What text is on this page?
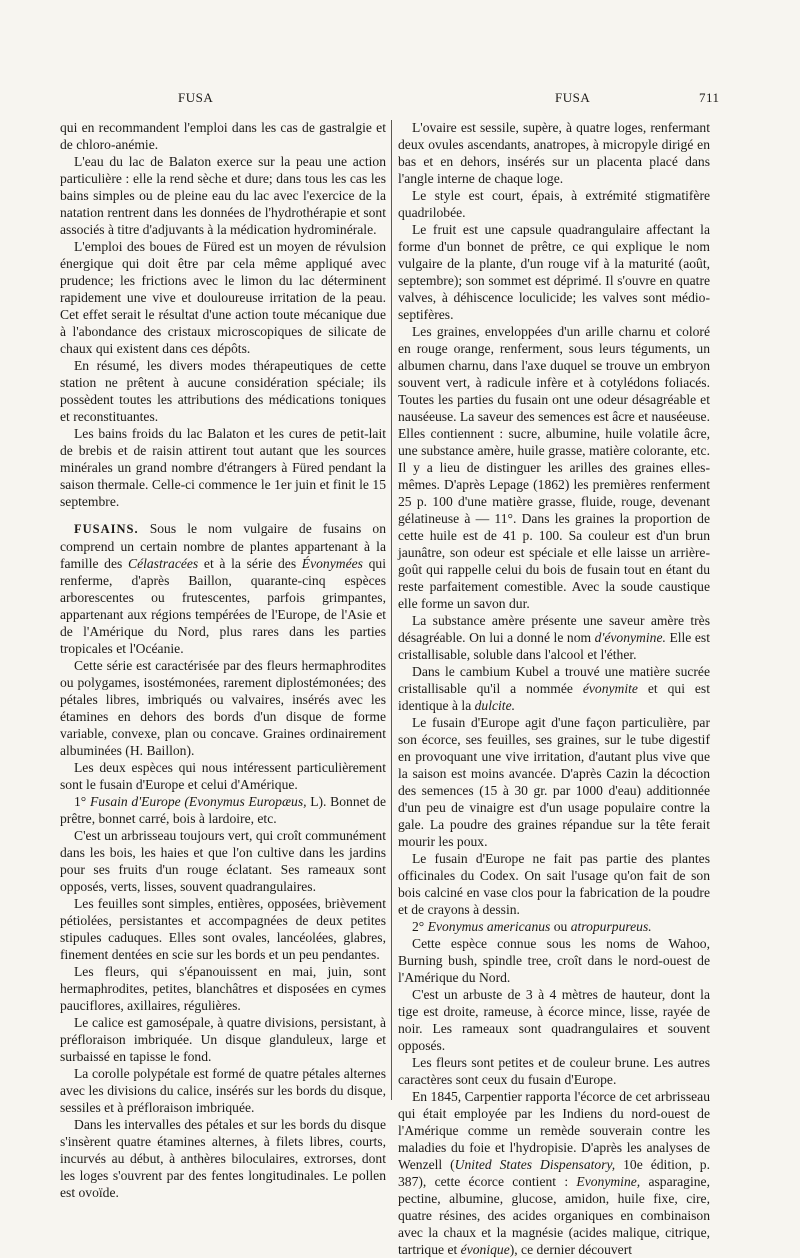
FUSA	FUSA	711

qui en recommandent l'emploi dans les cas de gastralgie et de chloro-anémie.

L'eau du lac de Balaton exerce sur la peau une action particulière : elle la rend sèche et dure; dans tous les cas les bains simples ou de pleine eau du lac avec l'exercice de la natation rentrent dans les données de l'hydrothérapie et sont associés à titre d'adjuvants à la médication hydrominérale.

L'emploi des boues de Füred est un moyen de révulsion énergique qui doit être par cela même appliqué avec prudence; les frictions avec le limon du lac déterminent rapidement une vive et douloureuse irritation de la peau. Cet effet serait le résultat d'une action toute mécanique due à l'abondance des cristaux microscopiques de silicate de chaux qui existent dans ces dépôts.

En résumé, les divers modes thérapeutiques de cette station ne prêtent à aucune considération spéciale; ils possèdent toutes les attributions des médications toniques et reconstituantes.

Les bains froids du lac Balaton et les cures de petit-lait de brebis et de raisin attirent tout autant que les sources minérales un grand nombre d'étrangers à Füred pendant la saison thermale. Celle-ci commence le 1er juin et finit le 15 septembre.

FUSAINS. Sous le nom vulgaire de fusains on comprend un certain nombre de plantes appartenant à la famille des Célastracées et à la série des Évonymées qui renferme, d'après Baillon, quarante-cinq espèces arborescentes ou frutescentes, parfois grimpantes, appartenant aux régions tempérées de l'Europe, de l'Asie et de l'Amérique du Nord, plus rares dans les parties tropicales et l'Océanie.

Cette série est caractérisée par des fleurs hermaphrodites ou polygames, isostémonées, rarement diplostémonées; des pétales libres, imbriqués ou valvaires, insérés avec les étamines en dehors des bords d'un disque de forme variable, convexe, plan ou concave. Graines ordinairement albuminées (H. Baillon).

Les deux espèces qui nous intéressent particulièrement sont le fusain d'Europe et celui d'Amérique.

1° Fusain d'Europe (Evonymus Europæus, L). Bonnet de prêtre, bonnet carré, bois à lardoire, etc.

C'est un arbrisseau toujours vert, qui croît communément dans les bois, les haies et que l'on cultive dans les jardins pour ses fruits d'un rouge éclatant. Ses rameaux sont opposés, verts, lisses, souvent quadrangulaires.

Les feuilles sont simples, entières, opposées, brièvement pétiolées, persistantes et accompagnées de deux petites stipules caduques. Elles sont ovales, lancéolées, glabres, finement dentées en scie sur les bords et un peu pendantes.

Les fleurs, qui s'épanouissent en mai, juin, sont hermaphrodites, petites, blanchâtres et disposées en cymes pauciflores, axillaires, régulières.

Le calice est gamosépale, à quatre divisions, persistant, à préfloraison imbriquée. Un disque glanduleux, large et surbaissé en tapisse le fond.

La corolle polypétale est formé de quatre pétales alternes avec les divisions du calice, insérés sur les bords du disque, sessiles et à préfloraison imbriquée.

Dans les intervalles des pétales et sur les bords du disque s'insèrent quatre étamines alternes, à filets libres, courts, incurvés au début, à anthères biloculaires, extrorses, dont les loges s'ouvrent par des fentes longitudinales. Le pollen est ovoïde.

L'ovaire est sessile, supère, à quatre loges, renfermant deux ovules ascendants, anatropes, à micropyle dirigé en bas et en dehors, insérés sur un placenta placé dans l'angle interne de chaque loge.

Le style est court, épais, à extrémité stigmatifère quadrilobée.

Le fruit est une capsule quadrangulaire affectant la forme d'un bonnet de prêtre, ce qui explique le nom vulgaire de la plante, d'un rouge vif à la maturité (août, septembre); son sommet est déprimé. Il s'ouvre en quatre valves, à déhiscence loculicide; les valves sont médio-septifères.

Les graines, enveloppées d'un arille charnu et coloré en rouge orange, renferment, sous leurs téguments, un albumen charnu, dans l'axe duquel se trouve un embryon souvent vert, à radicule infère et à cotylédons foliacés. Toutes les parties du fusain ont une odeur désagréable et nauséeuse. La saveur des semences est âcre et nauséeuse. Elles contiennent : sucre, albumine, huile volatile âcre, une substance amère, huile grasse, matière colorante, etc. Il y a lieu de distinguer les arilles des graines elles-mêmes. D'après Lepage (1862) les premières renferment 25 p. 100 d'une matière grasse, fluide, rouge, devenant gélatineuse à — 11°. Dans les graines la proportion de cette huile est de 41 p. 100. Sa couleur est d'un brun jaunâtre, son odeur est spéciale et elle laisse un arrière-goût qui rappelle celui du bois de fusain tout en étant du reste parfaitement comestible. Avec la soude caustique elle forme un savon dur.

La substance amère présente une saveur amère très désagréable. On lui a donné le nom d'évonymine. Elle est cristallisable, soluble dans l'alcool et l'éther.

Dans le cambium Kubel a trouvé une matière sucrée cristallisable qu'il a nommée évonymite et qui est identique à la dulcite.

Le fusain d'Europe agit d'une façon particulière, par son écorce, ses feuilles, ses graines, sur le tube digestif en provoquant une vive irritation, d'autant plus vive que la saison est moins avancée. D'après Cazin la décoction des semences (15 à 30 gr. par 1000 d'eau) additionnée d'un peu de vinaigre est d'un usage populaire contre la gale. La poudre des graines répandue sur la tête ferait mourir les poux.

Le fusain d'Europe ne fait pas partie des plantes officinales du Codex. On sait l'usage qu'on fait de son bois calciné en vase clos pour la fabrication de la poudre et de crayons à dessin.

2° Evonymus americanus ou atropurpureus.

Cette espèce connue sous les noms de Wahoo, Burning bush, spindle tree, croît dans le nord-ouest de l'Amérique du Nord.

C'est un arbuste de 3 à 4 mètres de hauteur, dont la tige est droite, rameuse, à écorce mince, lisse, rayée de noir. Les rameaux sont quadrangulaires et souvent opposés.

Les fleurs sont petites et de couleur brune. Les autres caractères sont ceux du fusain d'Europe.

En 1845, Carpentier rapporta l'écorce de cet arbrisseau qui était employée par les Indiens du nord-ouest de l'Amérique comme un remède souverain contre les maladies du foie et l'hydropisie. D'après les analyses de Wenzell (United States Dispensatory, 10e édition, p. 387), cette écorce contient : Evonymine, asparagine, pectine, albumine, glucose, amidon, huile fixe, cire, quatre résines, des acides organiques en combinaison avec la chaux et la magnésie (acides malique, citrique, tartrique et évonique), ce dernier découvert
